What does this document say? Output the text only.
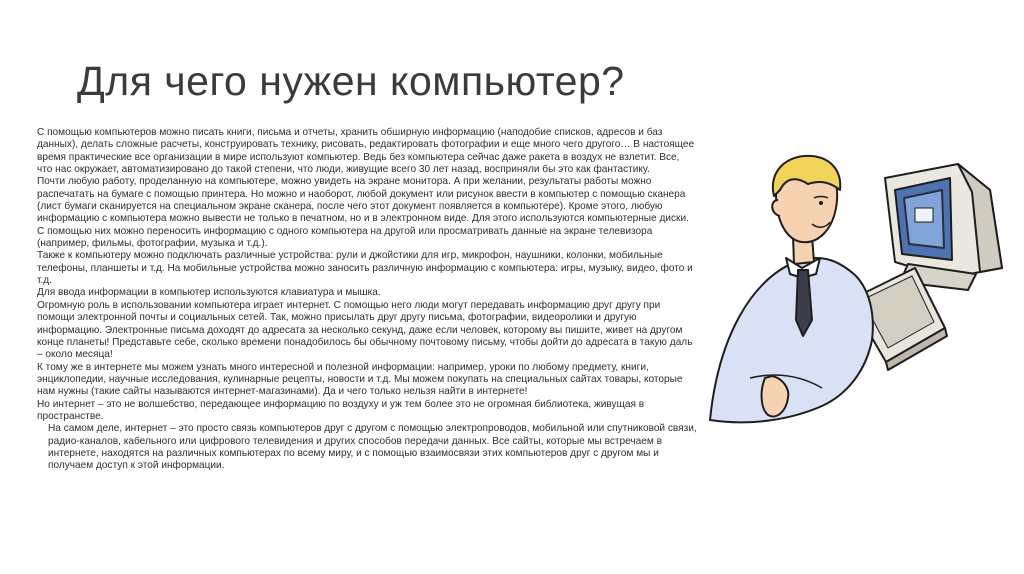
Для чего нужен компьютер?

С помощью компьютеров можно писать книги, письма и отчеты, хранить обширную информацию (наподобие списков, адресов и баз данных), делать сложные расчеты, конструировать технику, рисовать, редактировать фотографии и еще много чего другого… В настоящее время практические все организации в мире используют компьютер. Ведь без компьютера сейчас даже ракета в воздух не взлетит. Все, что нас окружает, автоматизировано до такой степени, что люди, живущие всего 30 лет назад, восприняли бы это как фантастику.

Почти любую работу, проделанную на компьютере, можно увидеть на экране монитора. А при желании, результаты работы можно распечатать на бумаге с помощью принтера. Но можно и наоборот, любой документ или рисунок ввести в компьютер с помощью сканера (лист бумаги сканируется на специальном экране сканера, после чего этот документ появляется в компьютере). Кроме этого, любую информацию с компьютера можно вывести не только в печатном, но и в электронном виде. Для этого используются компьютерные диски. С помощью них можно переносить информацию с одного компьютера на другой или просматривать данные на экране телевизора (например, фильмы, фотографии, музыка и т.д.).

Также к компьютеру можно подключать различные устройства: рули и джойстики для игр, микрофон, наушники, колонки, мобильные телефоны, планшеты и т.д. На мобильные устройства можно заносить различную информацию с компьютера: игры, музыку, видео, фото и т.д.

Для ввода информации в компьютер используются клавиатура и мышка.

Огромную роль в использовании компьютера играет интернет. С помощью него люди могут передавать информацию друг другу при помощи электронной почты и социальных сетей. Так, можно присылать друг другу письма, фотографии, видеоролики и другую информацию. Электронные письма доходят до адресата за несколько секунд, даже если человек, которому вы пишите, живет на другом конце планеты! Представьте себе, сколько времени понадобилось бы обычному почтовому письму, чтобы дойти до адресата в такую даль – около месяца!

К тому же в интернете мы можем узнать много интересной и полезной информации: например, уроки по любому предмету, книги, энциклопедии, научные исследования, кулинарные рецепты, новости и т.д. Мы можем покупать на специальных сайтах товары, которые нам нужны (такие сайты называются интернет-магазинами). Да и чего только нельзя найти в интернете!

Но интернет – это не волшебство, передающее информацию по воздуху и уж тем более это не огромная библиотека, живущая в пространстве.

На самом деле, интернет – это просто связь компьютеров друг с другом с помощью электропроводов, мобильной или спутниковой связи, радио-каналов, кабельного или цифрового телевидения и других способов передачи данных. Все сайты, которые мы встречаем в интернете, находятся на различных компьютерах по всему миру, и с помощью взаимосвязи этих компьютеров друг с другом мы и получаем доступ к этой информации.
